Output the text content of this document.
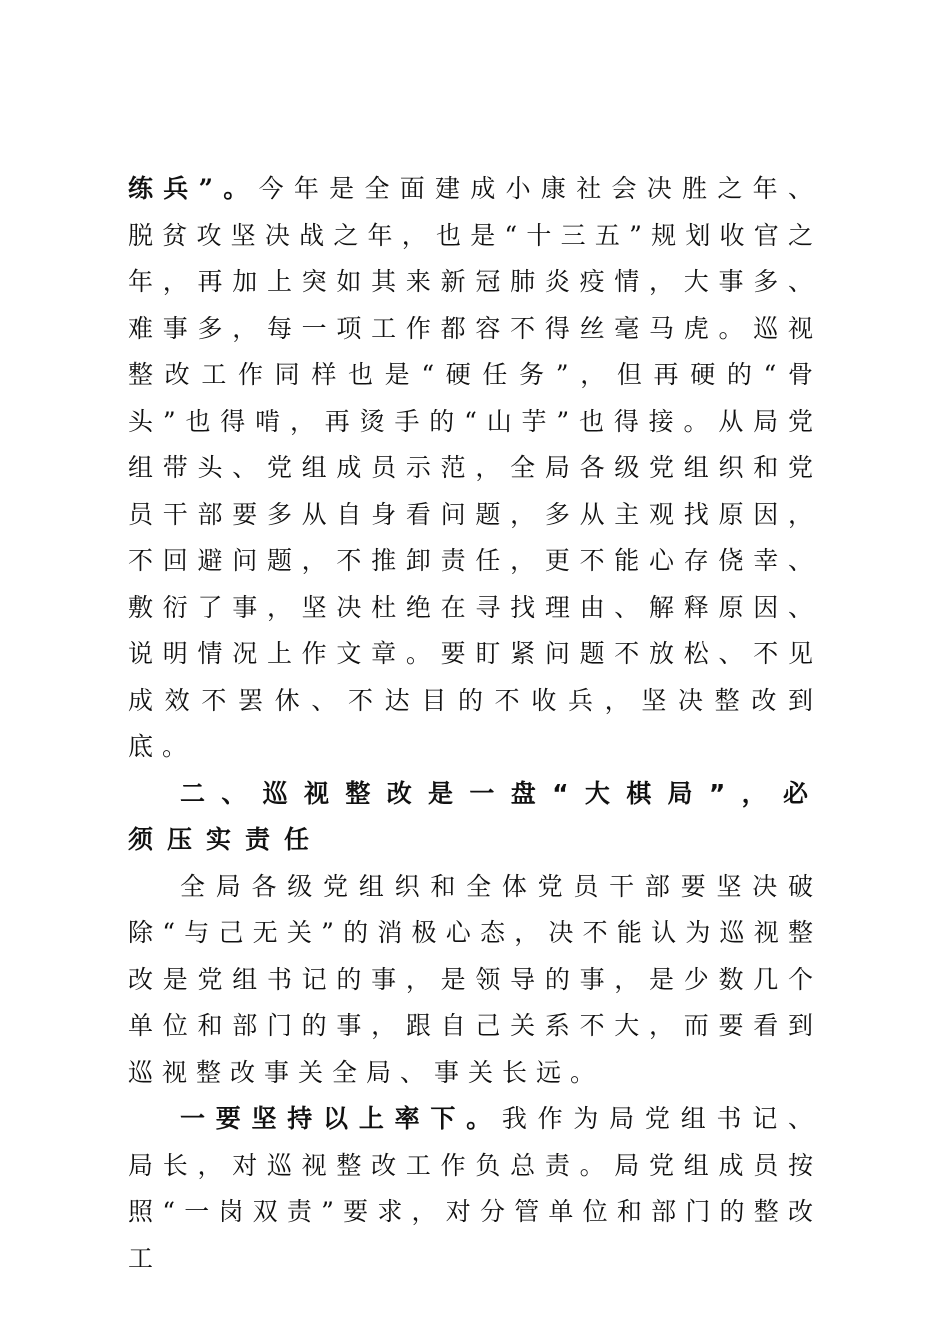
练兵”。今年是全面建成小康社会决胜之年、脱贫攻坚决战之年，也是“十三五”规划收官之年，再加上突如其来新冠肺炎疫情，大事多、难事多，每一项工作都容不得丝毫马虎。巡视整改工作同样也是“硬任务”，但再硬的“骨头”也得啃，再烫手的“山芋”也得接。从局党组带头、党组成员示范，全局各级党组织和党员干部要多从自身看问题，多从主观找原因，不回避问题，不推卸责任，更不能心存侥幸、敷衍了事，坚决杜绝在寻找理由、解释原因、说明情况上作文章。要盯紧问题不放松、不见成效不罢休、不达目的不收兵，坚决整改到底。

二、巡视整改是一盘“大棋局”，必须压实责任

全局各级党组织和全体党员干部要坚决破除“与己无关”的消极心态，决不能认为巡视整改是党组书记的事，是领导的事，是少数几个单位和部门的事，跟自己关系不大，而要看到巡视整改事关全局、事关长远。

一要坚持以上率下。我作为局党组书记、局长，对巡视整改工作负总责。局党组成员按照“一岗双责”要求，对分管单位和部门的整改工
